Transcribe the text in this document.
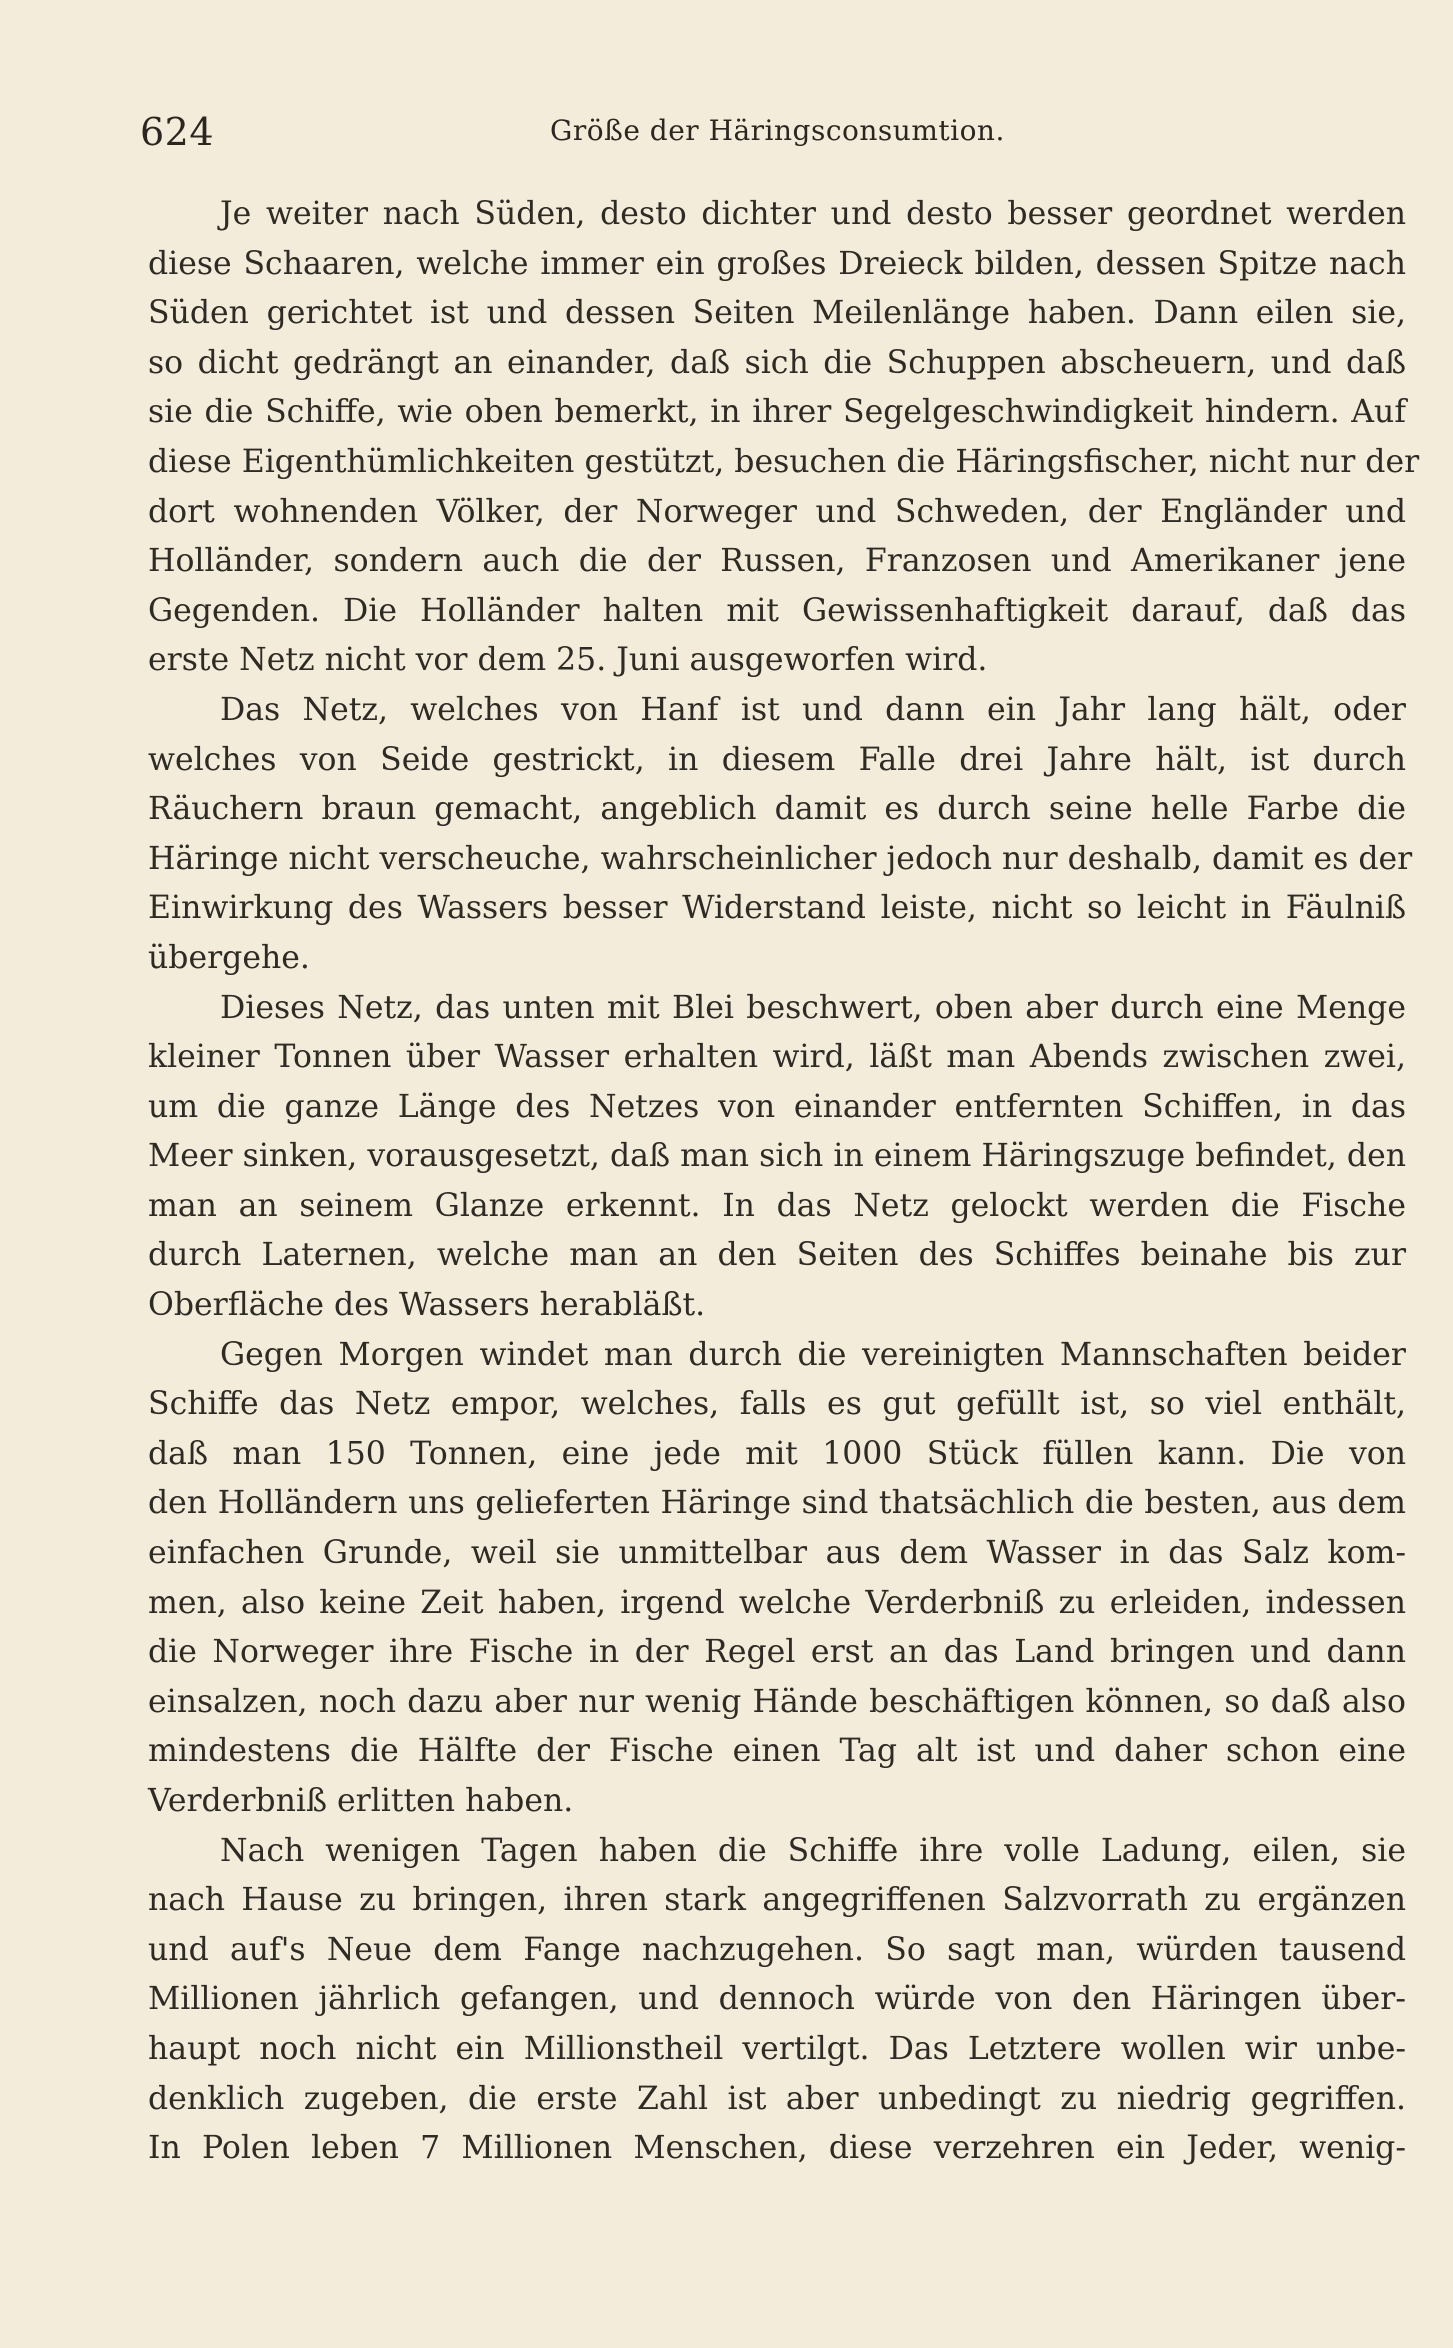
624	Größe der Häringsconsumtion.
Je weiter nach Süden, desto dichter und desto besser geordnet werden
diese Schaaren, welche immer ein großes Dreieck bilden, dessen Spitze nach
Süden gerichtet ist und dessen Seiten Meilenlänge haben. Dann eilen sie,
so dicht gedrängt an einander, daß sich die Schuppen abscheuern, und daß
sie die Schiffe, wie oben bemerkt, in ihrer Segelgeschwindigkeit hindern. Auf
diese Eigenthümlichkeiten gestützt, besuchen die Häringsfischer, nicht nur der
dort wohnenden Völker, der Norweger und Schweden, der Engländer und
Holländer, sondern auch die der Russen, Franzosen und Amerikaner jene
Gegenden. Die Holländer halten mit Gewissenhaftigkeit darauf, daß das
erste Netz nicht vor dem 25. Juni ausgeworfen wird.
Das Netz, welches von Hanf ist und dann ein Jahr lang hält, oder
welches von Seide gestrickt, in diesem Falle drei Jahre hält, ist durch
Räuchern braun gemacht, angeblich damit es durch seine helle Farbe die
Häringe nicht verscheuche, wahrscheinlicher jedoch nur deshalb, damit es der
Einwirkung des Wassers besser Widerstand leiste, nicht so leicht in Fäulniß
übergehe.
Dieses Netz, das unten mit Blei beschwert, oben aber durch eine Menge
kleiner Tonnen über Wasser erhalten wird, läßt man Abends zwischen zwei,
um die ganze Länge des Netzes von einander entfernten Schiffen, in das
Meer sinken, vorausgesetzt, daß man sich in einem Häringszuge befindet, den
man an seinem Glanze erkennt. In das Netz gelockt werden die Fische
durch Laternen, welche man an den Seiten des Schiffes beinahe bis zur
Oberfläche des Wassers herabläßt.
Gegen Morgen windet man durch die vereinigten Mannschaften beider
Schiffe das Netz empor, welches, falls es gut gefüllt ist, so viel enthält,
daß man 150 Tonnen, eine jede mit 1000 Stück füllen kann. Die von
den Holländern uns gelieferten Häringe sind thatsächlich die besten, aus dem
einfachen Grunde, weil sie unmittelbar aus dem Wasser in das Salz kom-
men, also keine Zeit haben, irgend welche Verderbniß zu erleiden, indessen
die Norweger ihre Fische in der Regel erst an das Land bringen und dann
einsalzen, noch dazu aber nur wenig Hände beschäftigen können, so daß also
mindestens die Hälfte der Fische einen Tag alt ist und daher schon eine
Verderbniß erlitten haben.
Nach wenigen Tagen haben die Schiffe ihre volle Ladung, eilen, sie
nach Hause zu bringen, ihren stark angegriffenen Salzvorrath zu ergänzen
und auf's Neue dem Fange nachzugehen. So sagt man, würden tausend
Millionen jährlich gefangen, und dennoch würde von den Häringen über-
haupt noch nicht ein Millionstheil vertilgt. Das Letztere wollen wir unbe-
denklich zugeben, die erste Zahl ist aber unbedingt zu niedrig gegriffen.
In Polen leben 7 Millionen Menschen, diese verzehren ein Jeder, wenig-
